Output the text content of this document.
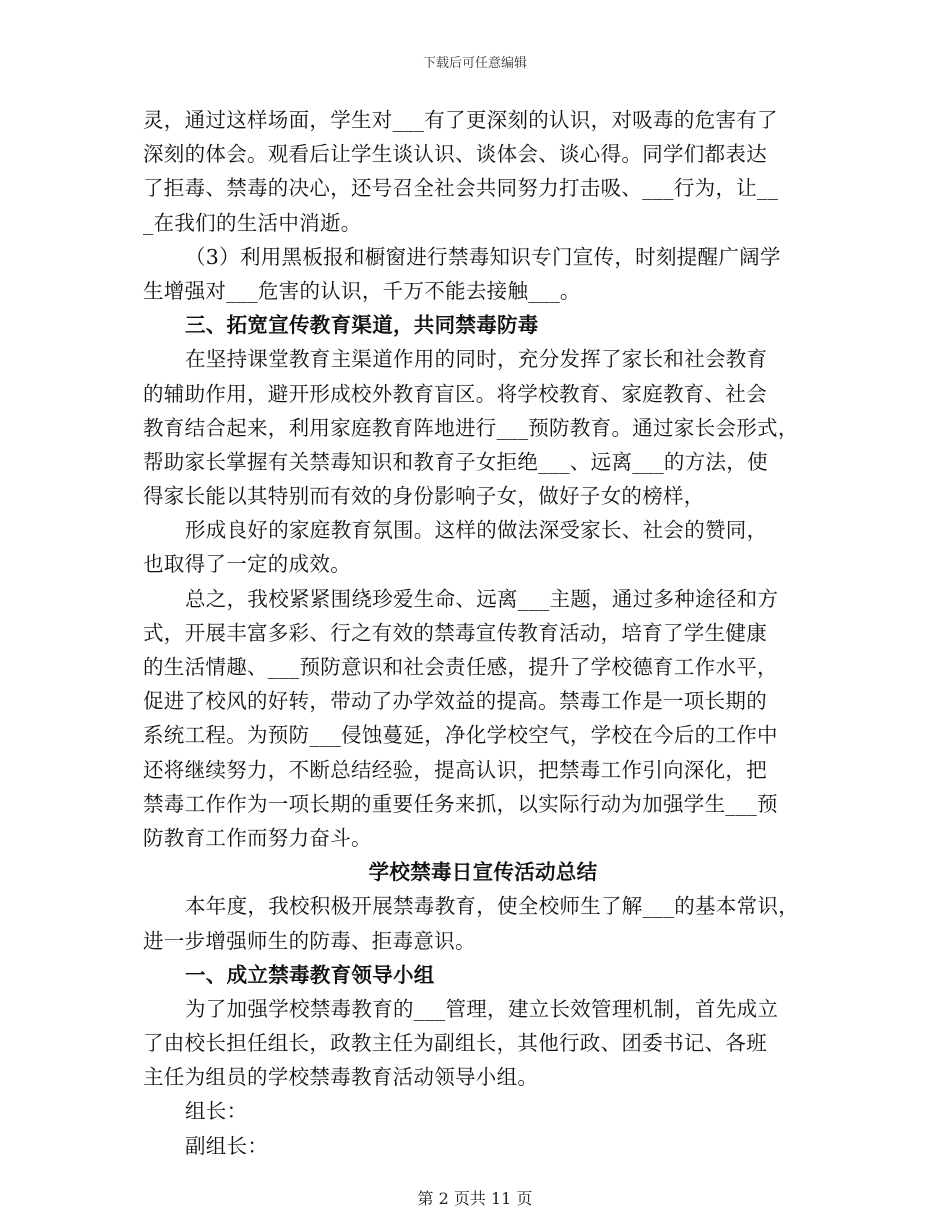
下载后可任意编辑
灵，通过这样场面，学生对___有了更深刻的认识，对吸毒的危害有了
深刻的体会。观看后让学生谈认识、谈体会、谈心得。同学们都表达
了拒毒、禁毒的决心，还号召全社会共同努力打击吸、___行为，让__
_在我们的生活中消逝。
（3）利用黑板报和橱窗进行禁毒知识专门宣传，时刻提醒广阔学
生增强对___危害的认识，千万不能去接触___。
三、拓宽宣传教育渠道，共同禁毒防毒
在坚持课堂教育主渠道作用的同时，充分发挥了家长和社会教育
的辅助作用，避开形成校外教育盲区。将学校教育、家庭教育、社会
教育结合起来，利用家庭教育阵地进行___预防教育。通过家长会形式，
帮助家长掌握有关禁毒知识和教育子女拒绝___、远离___的方法，使
得家长能以其特别而有效的身份影响子女，做好子女的榜样，
形成良好的家庭教育氛围。这样的做法深受家长、社会的赞同，
也取得了一定的成效。
总之，我校紧紧围绕珍爱生命、远离___主题，通过多种途径和方
式，开展丰富多彩、行之有效的禁毒宣传教育活动，培育了学生健康
的生活情趣、___预防意识和社会责任感，提升了学校德育工作水平，
促进了校风的好转，带动了办学效益的提高。禁毒工作是一项长期的
系统工程。为预防___侵蚀蔓延，净化学校空气，学校在今后的工作中
还将继续努力，不断总结经验，提高认识，把禁毒工作引向深化，把
禁毒工作作为一项长期的重要任务来抓，以实际行动为加强学生___预
防教育工作而努力奋斗。
学校禁毒日宣传活动总结
本年度，我校积极开展禁毒教育，使全校师生了解___的基本常识，
进一步增强师生的防毒、拒毒意识。
一、成立禁毒教育领导小组
为了加强学校禁毒教育的___管理，建立长效管理机制，首先成立
了由校长担任组长，政教主任为副组长，其他行政、团委书记、各班
主任为组员的学校禁毒教育活动领导小组。
组长：
副组长：
第 2 页共 11 页
